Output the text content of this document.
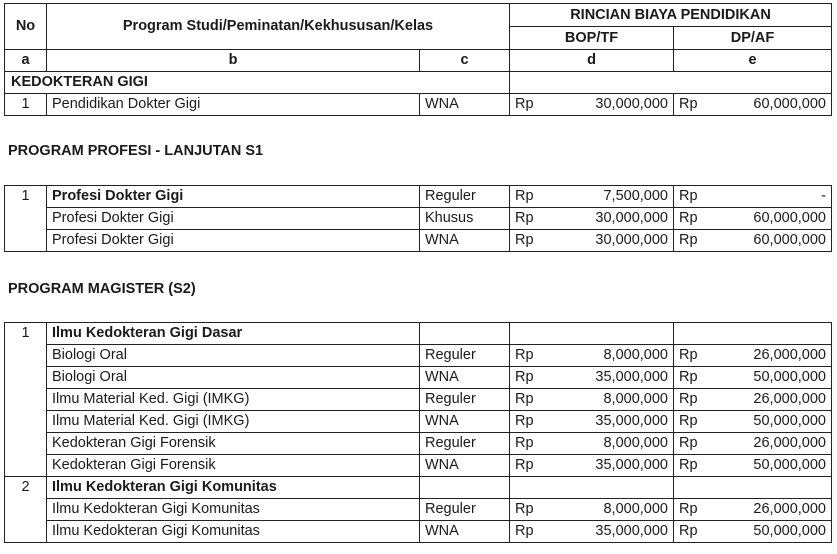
No	Program Studi/Peminatan/Kekhususan/Kelas		RINCIAN BIAYA PENDIDIKAN			
			BOP/TF		DP/AF	
a	b	c	d		e	
KEDOKTERAN GIGI						
1	Pendidikan Dokter Gigi	WNA	Rp	30,000,000	Rp	60,000,000
PROGRAM PROFESI - LANJUTAN S1
1	Profesi Dokter Gigi	Reguler	Rp	7,500,000	Rp	-
	Profesi Dokter Gigi	Khusus	Rp	30,000,000	Rp	60,000,000
	Profesi Dokter Gigi	WNA	Rp	30,000,000	Rp	60,000,000
PROGRAM MAGISTER (S2)
1	Ilmu Kedokteran Gigi Dasar					
	Biologi Oral	Reguler	Rp	8,000,000	Rp	26,000,000
	Biologi Oral	WNA	Rp	35,000,000	Rp	50,000,000
	Ilmu Material Ked. Gigi (IMKG)	Reguler	Rp	8,000,000	Rp	26,000,000
	Ilmu Material Ked. Gigi (IMKG)	WNA	Rp	35,000,000	Rp	50,000,000
	Kedokteran Gigi Forensik	Reguler	Rp	8,000,000	Rp	26,000,000
	Kedokteran Gigi Forensik	WNA	Rp	35,000,000	Rp	50,000,000
2	Ilmu Kedokteran Gigi Komunitas					
	Ilmu Kedokteran Gigi Komunitas	Reguler	Rp	8,000,000	Rp	26,000,000
	Ilmu Kedokteran Gigi Komunitas	WNA	Rp	35,000,000	Rp	50,000,000
